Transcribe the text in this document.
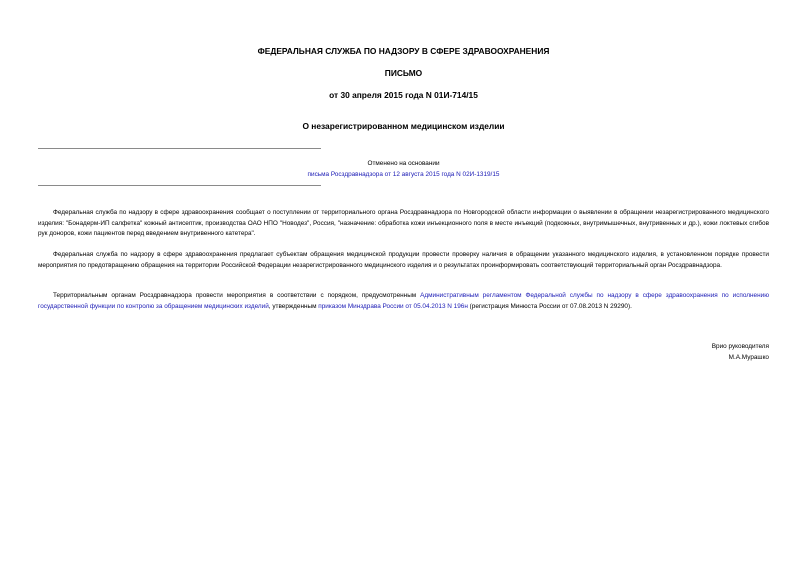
ФЕДЕРАЛЬНАЯ СЛУЖБА ПО НАДЗОРУ В СФЕРЕ ЗДРАВООХРАНЕНИЯ
ПИСЬМО
от 30 апреля 2015 года N 01И-714/15
О незарегистрированном медицинском изделии
Отменено на основании
письма Росздравнадзора от 12 августа 2015 года N 02И-1319/15
Федеральная служба по надзору в сфере здравоохранения сообщает о поступлении от территориального органа Росздравнадзора по Новгородской области информации о выявлении в обращении незарегистрированного медицинского изделия: "Бонадерм-ИП салфетка" кожный антисептик, производства ОАО НПО "Новодез", Россия, "назначение: обработка кожи инъекционного поля в месте инъекций (подкожных, внутримышечных, внутривенных и др.), кожи локтевых сгибов рук доноров, кожи пациентов перед введением внутривенного катетера".
Федеральная служба по надзору в сфере здравоохранения предлагает субъектам обращения медицинской продукции провести проверку наличия в обращении указанного медицинского изделия, в установленном порядке провести мероприятия по предотвращению обращения на территории Российской Федерации незарегистрированного медицинского изделия и о результатах проинформировать соответствующий территориальный орган Росздравнадзора.
Территориальным органам Росздравнадзора провести мероприятия в соответствии с порядком, предусмотренным Административным регламентом Федеральной службы по надзору в сфере здравоохранения по исполнению государственной функции по контролю за обращением медицинских изделий, утвержденным приказом Минздрава России от 05.04.2013 N 196н (регистрация Минюста России от 07.08.2013 N 29290).
Врио руководителя
М.А.Мурашко
